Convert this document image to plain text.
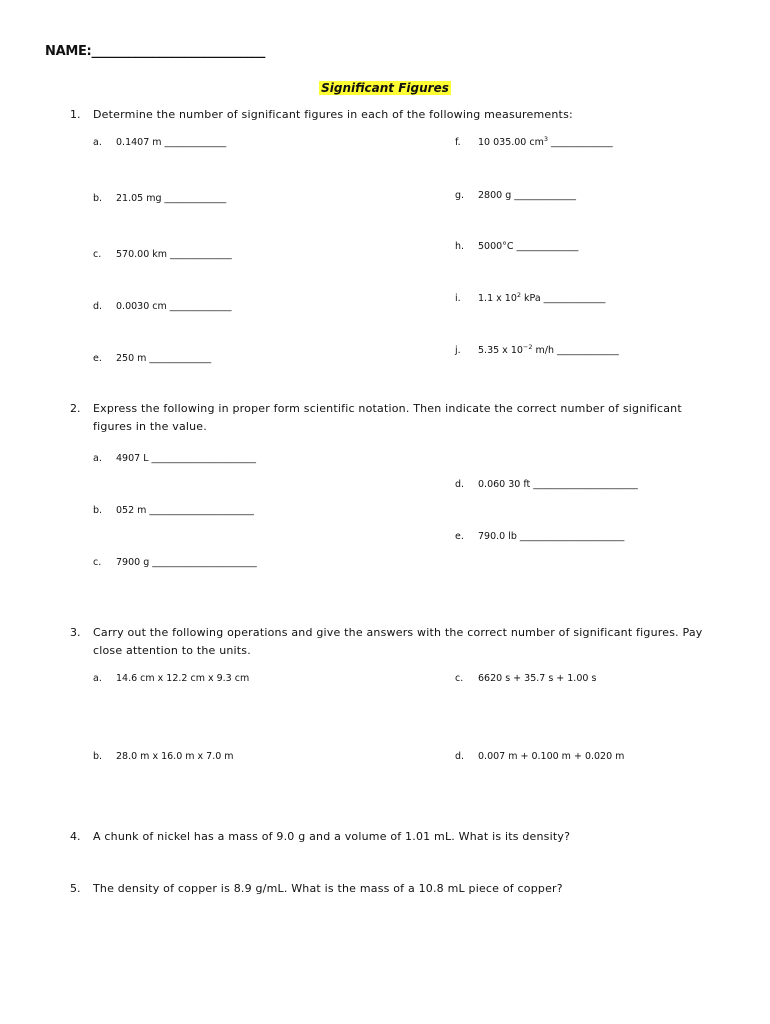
NAME:____________________________
Significant Figures
1. Determine the number of significant figures in each of the following measurements:
a. 0.1407 m _____________
b. 21.05 mg _____________
c. 570.00 km _____________
d. 0.0030 cm _____________
e. 250 m _____________
f. 10 035.00 $cm^3$ _____________
g. 2800 g _____________
h. 5000°C _____________
i. 1.1 x $10^2$ kPa _____________
j. 5.35 x $10^{-2}$ m/h _____________
2. Express the following in proper form scientific notation. Then indicate the correct number of significant figures in the value.
a. 4907 L ______________________
b. 052 m ______________________
c. 7900 g ______________________
d. 0.060 30 ft ______________________
e. 790.0 lb ______________________
3. Carry out the following operations and give the answers with the correct number of significant figures. Pay close attention to the units.
a. 14.6 cm x 12.2 cm x 9.3 cm
b. 28.0 m x 16.0 m x 7.0 m
c. 6620 s + 35.7 s + 1.00 s
d. 0.007 m + 0.100 m + 0.020 m
4. A chunk of nickel has a mass of 9.0 g and a volume of 1.01 mL. What is its density?
5. The density of copper is 8.9 g/mL. What is the mass of a 10.8 mL piece of copper?
